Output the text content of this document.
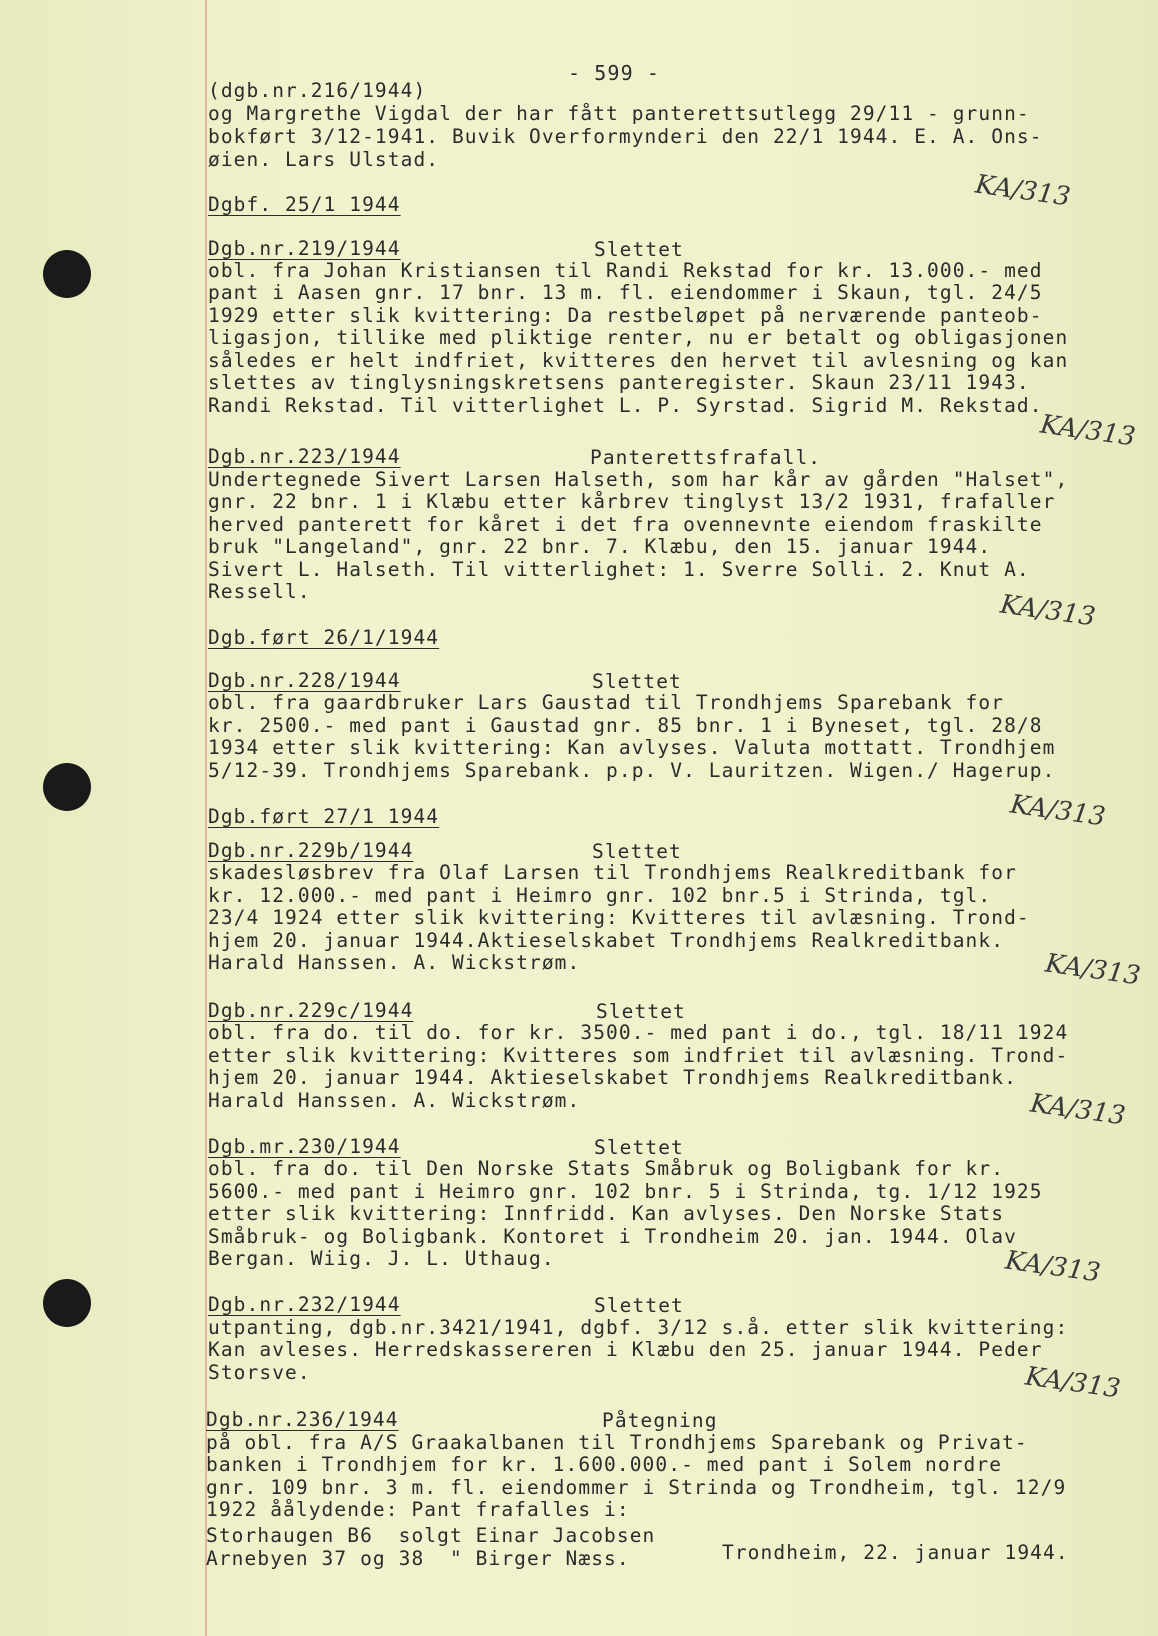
- 599 -
(dgb.nr.216/1944)
og Margrethe Vigdal der har fått panterettsutlegg 29/11 - grunn-
bokført 3/12-1941. Buvik Overformynderi den 22/1 1944. E. A. Ons-
øien. Lars Ulstad.
KA/313
Dgbf. 25/1 1944
Dgb.nr.219/1944	Slettet
obl. fra Johan Kristiansen til Randi Rekstad for kr. 13.000.- med
pant i Aasen gnr. 17 bnr. 13 m. fl. eiendommer i Skaun, tgl. 24/5
1929 etter slik kvittering: Da restbeløpet på nerværende panteob-
ligasjon, tillike med pliktige renter, nu er betalt og obligasjonen
således er helt indfriet, kvitteres den hervet til avlesning og kan
slettes av tinglysningskretsens panteregister. Skaun 23/11 1943.
Randi Rekstad. Til vitterlighet L. P. Syrstad. Sigrid M. Rekstad.
KA/313
Dgb.nr.223/1944	Panterettsfrafall.
Undertegnede Sivert Larsen Halseth, som har kår av gården "Halset",
gnr. 22 bnr. 1 i Klæbu etter kårbrev tinglyst 13/2 1931, frafaller
herved panterett for kåret i det fra ovennevnte eiendom fraskilte
bruk "Langeland", gnr. 22 bnr. 7. Klæbu, den 15. januar 1944.
Sivert L. Halseth. Til vitterlighet: 1. Sverre Solli. 2. Knut A.
Ressell.	KA/313
Dgb.ført 26/1/1944
Dgb.nr.228/1944	Slettet
obl. fra gaardbruker Lars Gaustad til Trondhjems Sparebank for
kr. 2500.- med pant i Gaustad gnr. 85 bnr. 1 i Byneset, tgl. 28/8
1934 etter slik kvittering: Kan avlyses. Valuta mottatt. Trondhjem
5/12-39. Trondhjems Sparebank. p.p. V. Lauritzen. Wigen./ Hagerup.
Dgb.ført 27/1 1944	KA/313
Dgb.nr.229b/1944	Slettet
skadesløsbrev fra Olaf Larsen til Trondhjems Realkreditbank for
kr. 12.000.- med pant i Heimro gnr. 102 bnr.5 i Strinda, tgl.
23/4 1924 etter slik kvittering: Kvitteres til avlæsning. Trond-
hjem 20. januar 1944.Aktieselskabet Trondhjems Realkreditbank.
Harald Hanssen. A. Wickstrøm.	KA/313
Dgb.nr.229c/1944	Slettet
obl. fra do. til do. for kr. 3500.- med pant i do., tgl. 18/11 1924
etter slik kvittering: Kvitteres som indfriet til avlæsning. Trond-
hjem 20. januar 1944. Aktieselskabet Trondhjems Realkreditbank.
Harald Hanssen. A. Wickstrøm.	KA/313
Dgb.mr.230/1944	Slettet
obl. fra do. til Den Norske Stats Småbruk og Boligbank for kr.
5600.- med pant i Heimro gnr. 102 bnr. 5 i Strinda, tg. 1/12 1925
etter slik kvittering: Innfridd. Kan avlyses. Den Norske Stats
Småbruk- og Boligbank. Kontoret i Trondheim 20. jan. 1944. Olav
Bergan. Wiig. J. L. Uthaug.	KA/313
Dgb.nr.232/1944	Slettet
utpanting, dgb.nr.3421/1941, dgbf. 3/12 s.å. etter slik kvittering:
Kan avleses. Herredskassereren i Klæbu den 25. januar 1944. Peder
Storsve.	KA/313
Dgb.nr.236/1944	Påtegning
på obl. fra A/S Graakalbanen til Trondhjems Sparebank og Privat-
banken i Trondhjem for kr. 1.600.000.- med pant i Solem nordre
gnr. 109 bnr. 3 m. fl. eiendommer i Strinda og Trondheim, tgl. 12/9
1922 åålydende: Pant frafalles i:
Storhaugen B6  solgt Einar Jacobsen
Arnebyen 37 og 38  " Birger Næss.	Trondheim, 22. januar 1944.
